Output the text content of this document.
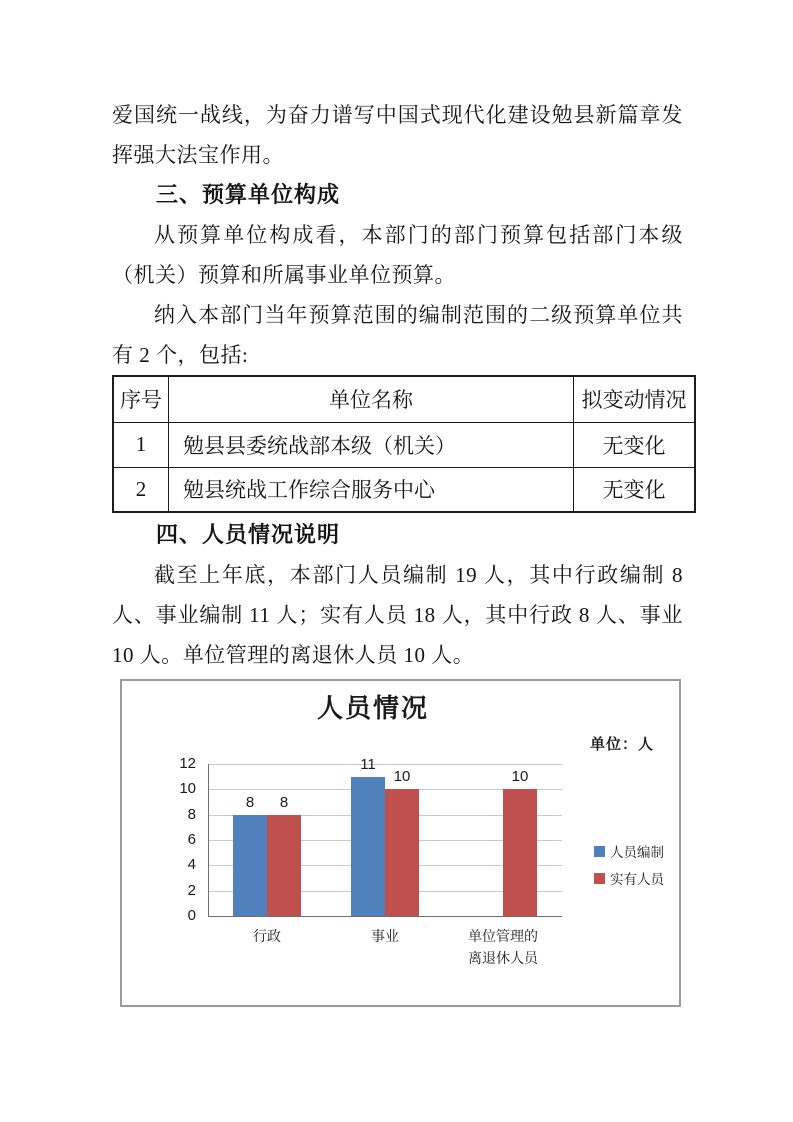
爱国统一战线，为奋力谱写中国式现代化建设勉县新篇章发挥强大法宝作用。

三、预算单位构成

从预算单位构成看，本部门的部门预算包括部门本级（机关）预算和所属事业单位预算。

纳入本部门当年预算范围的编制范围的二级预算单位共有 2 个，包括:

序号	单位名称	拟变动情况
1	勉县县委统战部本级（机关）	无变化
2	勉县统战工作综合服务中心	无变化
四、人员情况说明

截至上年底，本部门人员编制 19 人，其中行政编制 8 人、事业编制 11 人；实有人员 18 人，其中行政 8 人、事业 10 人。单位管理的离退休人员 10 人。

人员情况
单位：人
0
2
4
6
8
10
12
8	8
行政
11
10
事业
10
单位管理的
离退休人员
人员编制
实有人员
